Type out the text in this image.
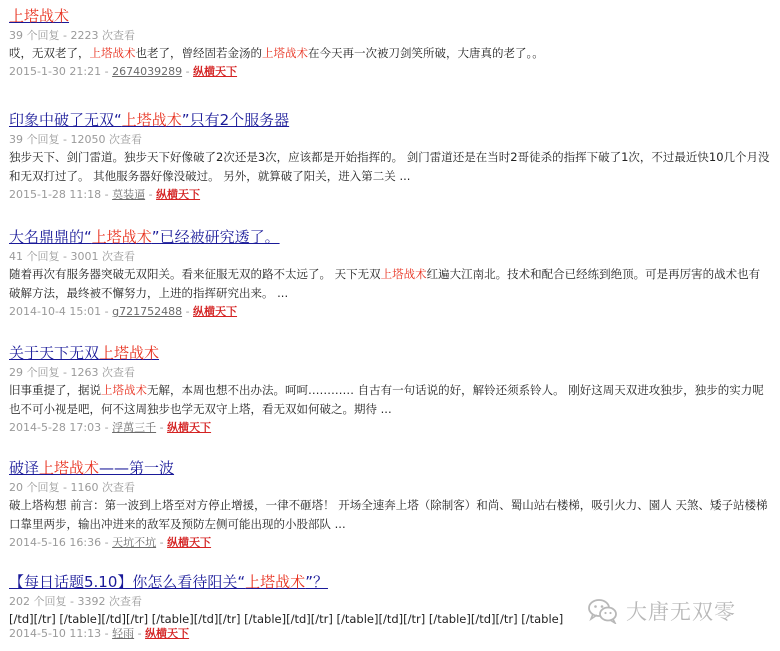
上塔战术
39 个回复 - 2223 次查看
哎，无双老了，上塔战术也老了，曾经固若金汤的上塔战术在今天再一次被刀剑笑所破，大唐真的老了。。
2015-1-30 21:21 - 2674039289 - 纵横天下
印象中破了无双“上塔战术”只有2个服务器
39 个回复 - 12050 次查看
独步天下、剑门雷道。独步天下好像破了2次还是3次，应该都是开始指挥的。 剑门雷道还是在当时2哥徒杀的指挥下破了1次，不过最近快10几个月没和无双打过了。 其他服务器好像没破过。 另外，就算破了阳关，进入第二关 ...
2015-1-28 11:18 - 莫装逼 - 纵横天下
大名鼎鼎的“上塔战术”已经被研究透了。
41 个回复 - 3001 次查看
随着再次有服务器突破无双阳关。看来征服无双的路不太远了。 天下无双上塔战术红遍大江南北。技术和配合已经练到绝顶。可是再厉害的战术也有破解方法，最终被不懈努力，上进的指挥研究出来。 ...
2014-10-4 15:01 - g721752488 - 纵横天下
关于天下无双上塔战术
29 个回复 - 1263 次查看
旧事重提了，据说上塔战术无解，本周也想不出办法。呵呵………… 自古有一句话说的好，解铃还须系铃人。 刚好这周天双进攻独步，独步的实力呢也不可小视是吧，何不这周独步也学无双守上塔，看无双如何破之。期待 ...
2014-5-28 17:03 - 浮萬三千 - 纵横天下
破译上塔战术——第一波
20 个回复 - 1160 次查看
破上塔构想 前言：第一波到上塔至对方停止增援，一律不砸塔！ 开场全速奔上塔（除制客）和尚、蜀山站右楼梯，吸引火力、園人 天煞、矮子站楼梯口靠里两步，输出冲进来的敌军及预防左侧可能出现的小股部队 ...
2014-5-16 16:36 - 天坑不坑 - 纵横天下
【每日话题5.10】你怎么看待阳关“上塔战术”？
202 个回复 - 3392 次查看
[/td][/tr] [/table][/td][/tr] [/table][/td][/tr] [/table][/td][/tr] [/table][/td][/tr] [/table][/td][/tr] [/table]
2014-5-10 11:13 - 轻雨 - 纵横天下
大唐无双零
